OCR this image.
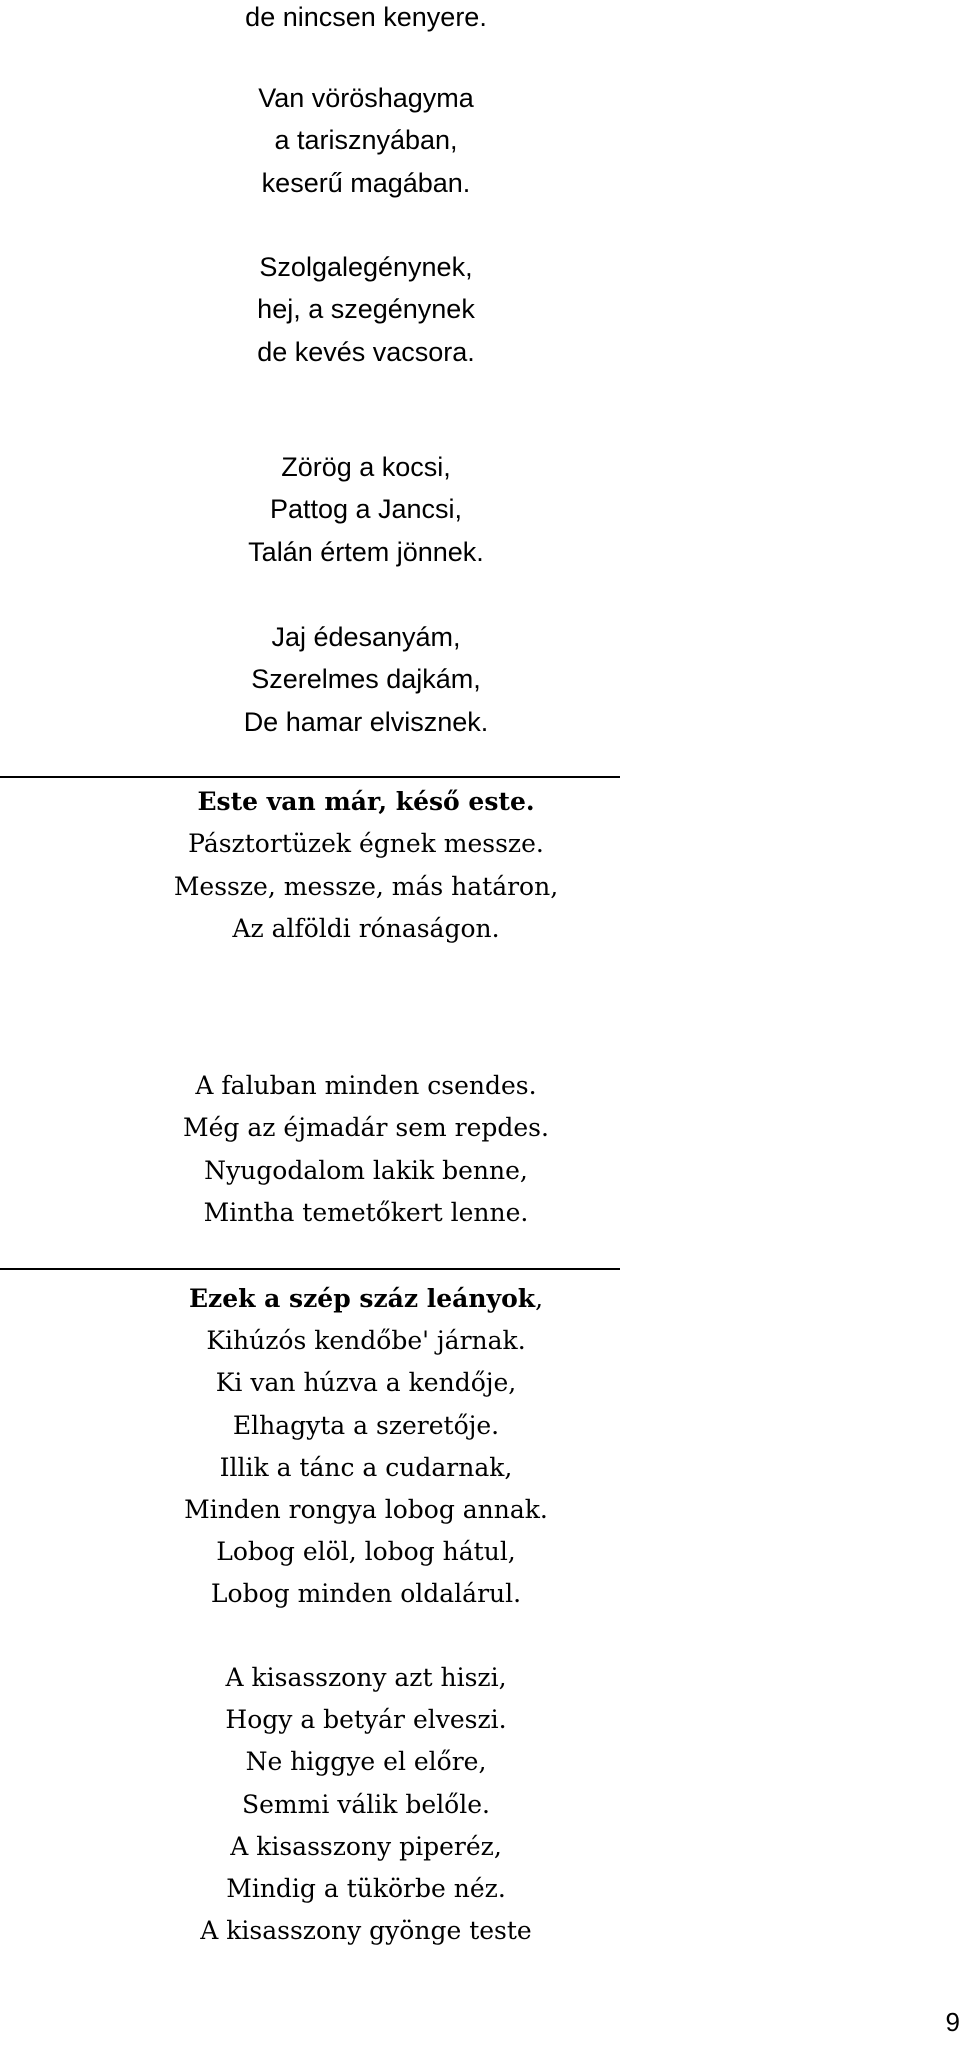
de nincsen kenyere.
Van vöröshagyma
a tarisznyában,
keserű magában.
Szolgalegénynek,
hej, a szegénynek
de kevés vacsora.
Zörög a kocsi,
Pattog a Jancsi,
Talán értem jönnek.
Jaj édesanyám,
Szerelmes dajkám,
De hamar elvisznek.
Este van már, késő este.
Pásztortüzek égnek messze.
Messze, messze, más határon,
Az alföldi rónaságon.
A faluban minden csendes.
Még az éjmadár sem repdes.
Nyugodalom lakik benne,
Mintha temetőkert lenne.
Ezek a szép száz leányok,
Kihúzós kendőbe' járnak.
Ki van húzva a kendője,
Elhagyta a szeretője.
Illik a tánc a cudarnak,
Minden rongya lobog annak.
Lobog elöl, lobog hátul,
Lobog minden oldalárul.
A kisasszony azt hiszi,
Hogy a betyár elveszi.
Ne higgye el előre,
Semmi válik belőle.
A kisasszony piperéz,
Mindig a tükörbe néz.
A kisasszony gyönge teste
9
